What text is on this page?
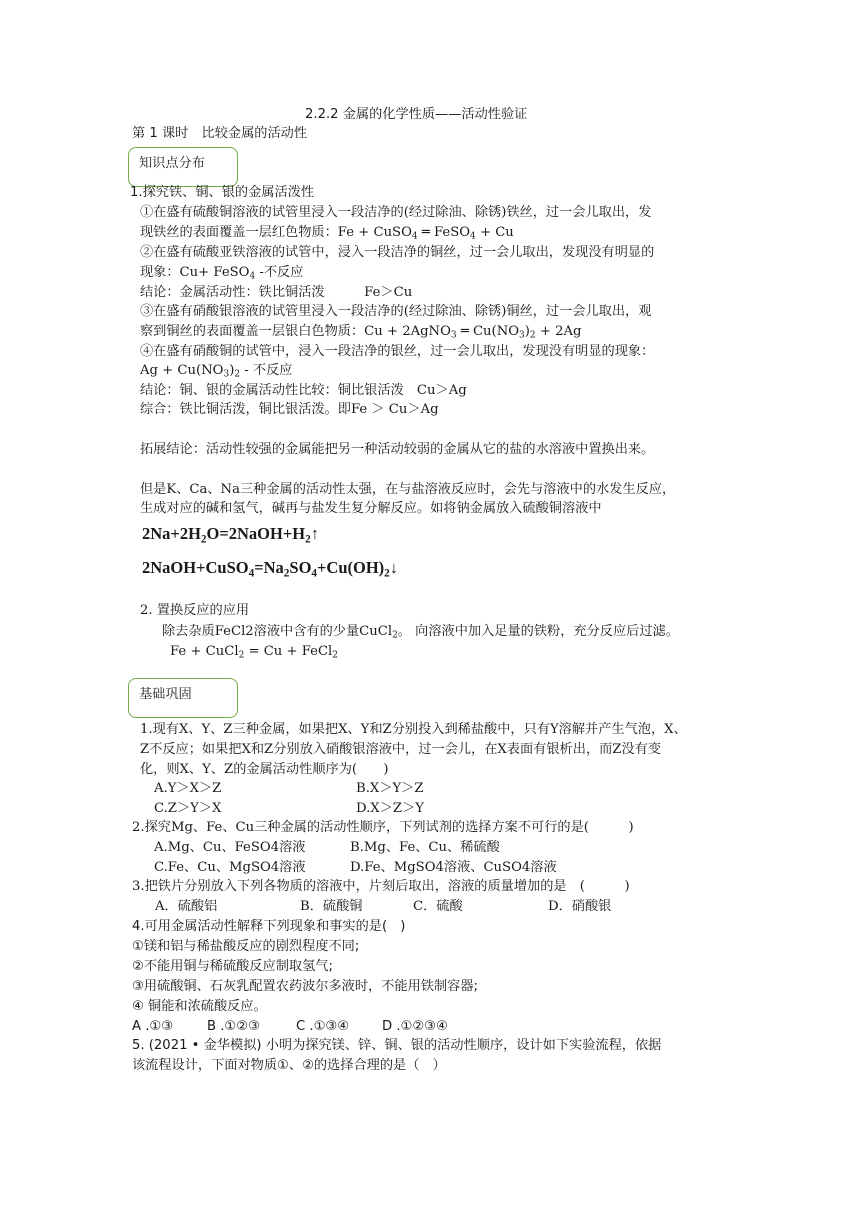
2.2.2 金属的化学性质——活动性验证
第 1 课时　比较金属的活动性
知识点分布
1.探究铁、铜、银的金属活泼性
①在盛有硫酸铜溶液的试管里浸入一段洁净的(经过除油、除锈)铁丝，过一会儿取出，发
现铁丝的表面覆盖一层红色物质：Fe + CuSO$_4$ ═ FeSO$_4$ + Cu
②在盛有硫酸亚铁溶液的试管中，浸入一段洁净的铜丝，过一会儿取出，发现没有明显的
现象：Cu+ FeSO$_4$ -不反应
结论：金属活动性：铁比铜活泼　　　Fe＞Cu
③在盛有硝酸银溶液的试管里浸入一段洁净的(经过除油、除锈)铜丝，过一会儿取出，观
察到铜丝的表面覆盖一层银白色物质：Cu + 2AgNO$_3$ ═ $Cu(NO_3)_2 + 2Ag$
④在盛有硝酸铜的试管中，浸入一段洁净的银丝，过一会儿取出，发现没有明显的现象：
$Ag + Cu(NO_3)_2$ - 不反应
结论：铜、银的金属活动性比较：铜比银活泼　Cu＞Ag
综合：铁比铜活泼，铜比银活泼。即Fe ＞ Cu＞Ag
拓展结论：活动性较强的金属能把另一种活动较弱的金属从它的盐的水溶液中置换出来。
但是K、Ca、Na三种金属的活动性太强，在与盐溶液反应时，会先与溶液中的水发生反应，
生成对应的碱和氢气，碱再与盐发生复分解反应。如将钠金属放入硫酸铜溶液中
$2Na+2H_2O=2NaOH+H_2↑$
$2NaOH+CuSO_4=Na_2SO_4+Cu(OH)_2↓$
2. 置换反应的应用
除去杂质FeCl2溶液中含有的少量CuCl$_2$。 向溶液中加入足量的铁粉，充分反应后过滤。
Fe + CuCl$_2$ = Cu + FeCl$_2$
基础巩固
1.现有X、Y、Z三种金属，如果把X、Y和Z分别投入到稀盐酸中，只有Y溶解并产生气泡，X、
Z不反应；如果把X和Z分别放入硝酸银溶液中，过一会儿，在X表面有银析出，而Z没有变
化，则X、Y、Z的金属活动性顺序为(　　)
A.Y＞X＞Z	B.X＞Y＞Z
C.Z＞Y＞X	D.X＞Z＞Y
2.探究Mg、Fe、Cu三种金属的活动性顺序，下列试剂的选择方案不可行的是(　　　)
A.Mg、Cu、FeSO4溶液	B.Mg、Fe、Cu、稀硫酸
C.Fe、Cu、MgSO4溶液	D.Fe、MgSO4溶液、CuSO4溶液
3.把铁片分别放入下列各物质的溶液中，片刻后取出，溶液的质量增加的是　(　　　)
A．硫酸铝	B．硫酸铜	C．硫酸	D．硝酸银
4.可用金属活动性解释下列现象和事实的是(　)
①镁和铝与稀盐酸反应的剧烈程度不同;
②不能用铜与稀硫酸反应制取氢气;
③用硫酸铜、石灰乳配置农药波尔多液时，不能用铁制容器;
④ 铜能和浓硫酸反应。
A .①③	B .①②③	C .①③④ D .①②③④
5. (2021 • 金华模拟) 小明为探究镁、锌、铜、银的活动性顺序，设计如下实验流程，依据
该流程设计，下面对物质①、②的选择合理的是（　）
